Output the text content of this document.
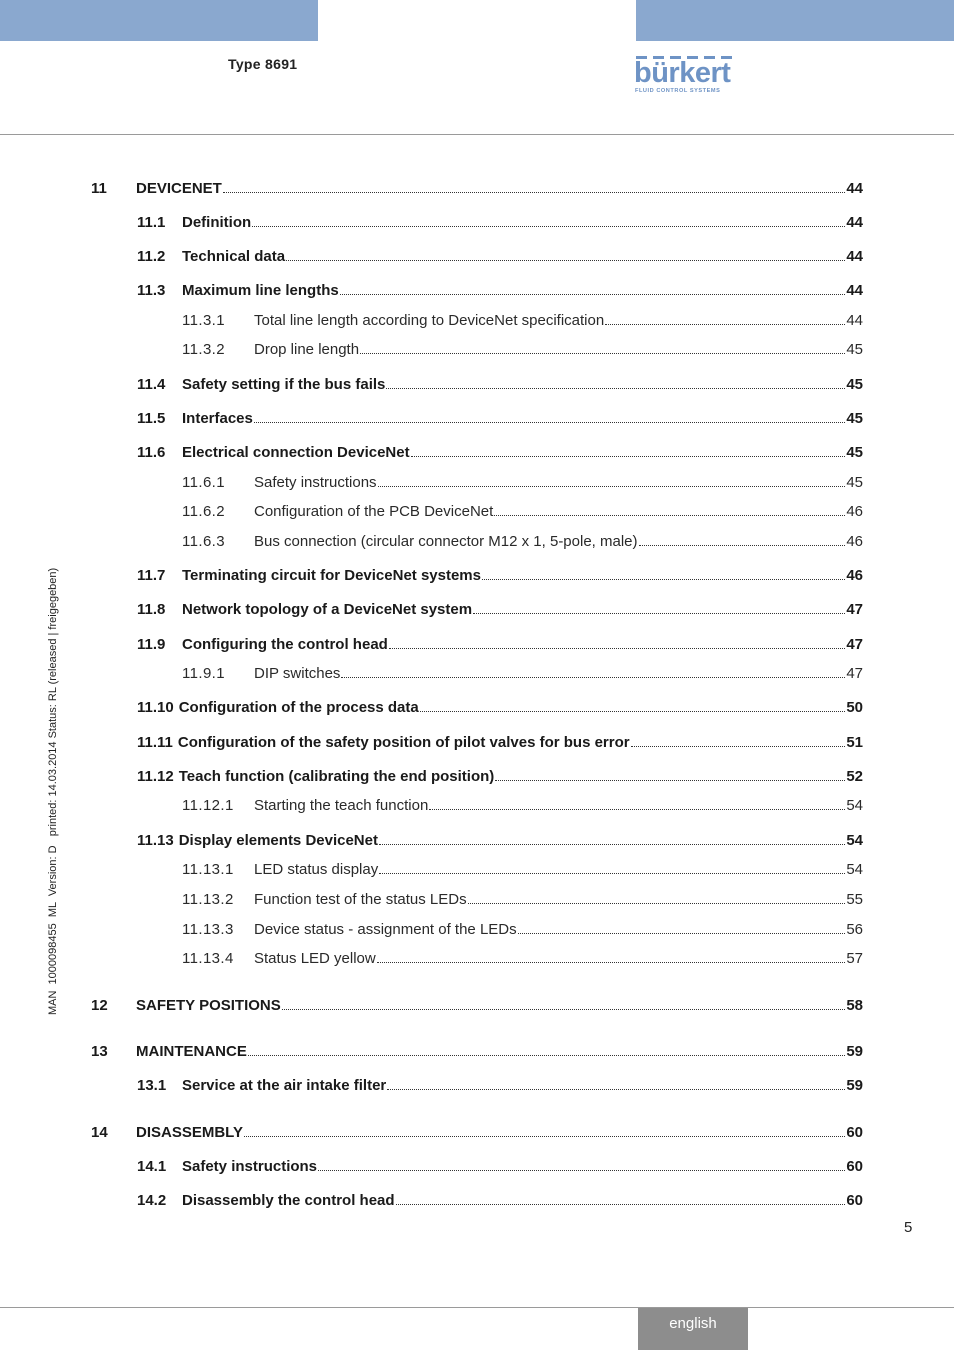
Type 8691	bürkert
FLUID CONTROL SYSTEMS
MAN  1000098455  ML  Version: D   printed: 14.03.2014 Status: RL (released | freigegeben)
11	DEVICENET	44
11.1	Definition	44
11.2	Technical data	44
11.3	Maximum line lengths	44
11.3.1	Total line length according to DeviceNet specification	44
11.3.2	Drop line length	45
11.4	Safety setting if the bus fails	45
11.5	Interfaces	45
11.6	Electrical connection DeviceNet	45
11.6.1	Safety instructions	45
11.6.2	Configuration of the PCB DeviceNet	46
11.6.3	Bus connection (circular connector M12 x 1, 5-pole, male)	46
11.7	Terminating circuit for DeviceNet systems	46
11.8	Network topology of a DeviceNet system	47
11.9	Configuring the control head	47
11.9.1	DIP switches	47
11.10 Configuration of the process data	50
11.11 Configuration of the safety position of pilot valves for bus error	51
11.12 Teach function (calibrating the end position)	52
11.12.1	Starting the teach function	54
11.13 Display elements DeviceNet	54
11.13.1	LED status display	54
11.13.2	Function test of the status LEDs	55
11.13.3	Device status - assignment of the LEDs	56
11.13.4	Status LED yellow	57
12	SAFETY POSITIONS	58
13	MAINTENANCE	59
13.1	Service at the air intake filter	59
14	DISASSEMBLY	60
14.1	Safety instructions	60
14.2	Disassembly the control head	60
5
english
